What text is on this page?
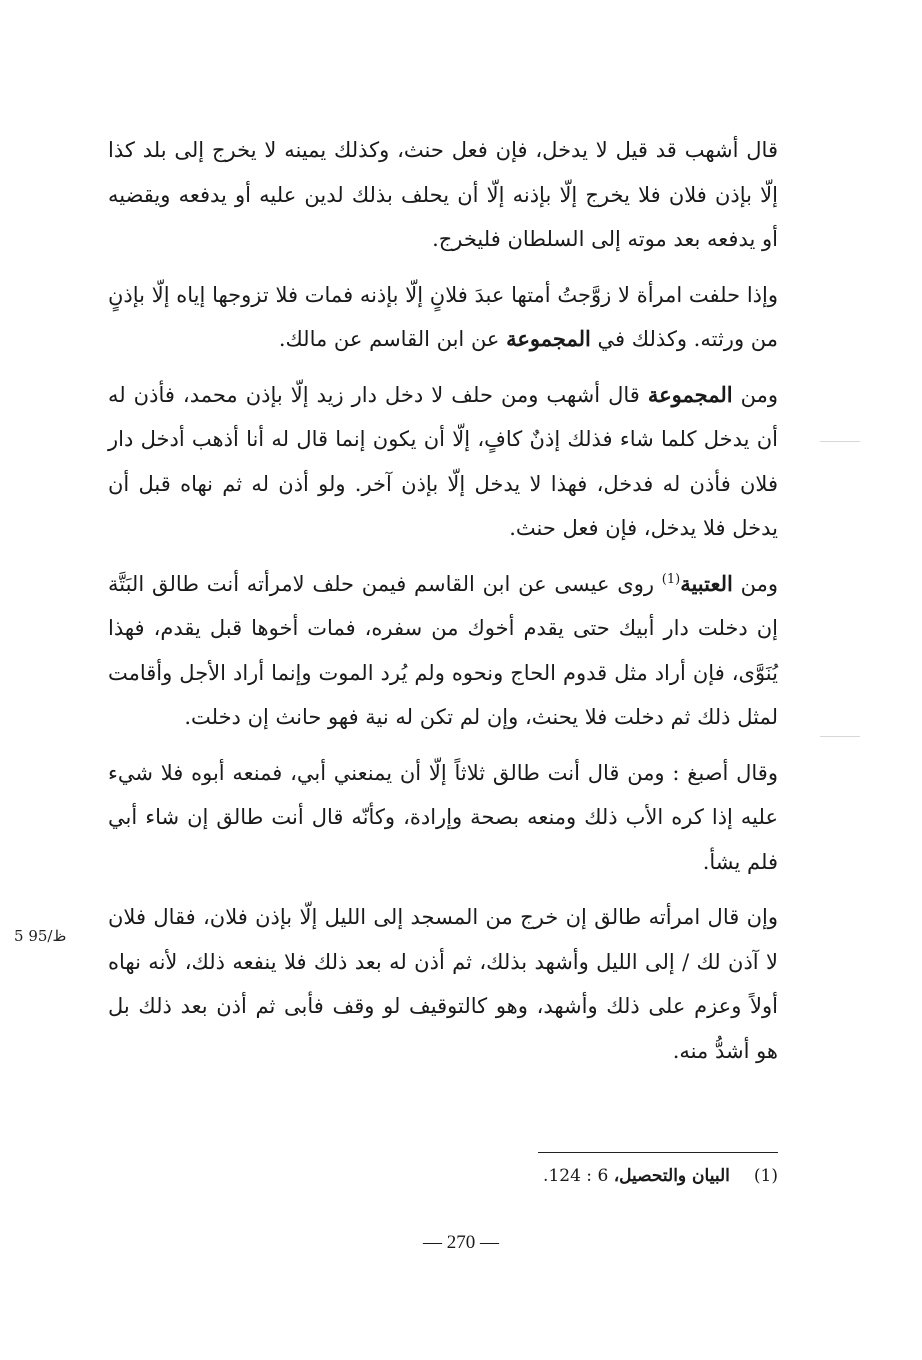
قال أشهب قد قيل لا يدخل، فإن فعل حنث، وكذلك يمينه لا يخرج إلى بلد كذا إلّا بإذن فلان فلا يخرج إلّا بإذنه إلّا أن يحلف بذلك لدين عليه أو يدفعه ويقضيه أو يدفعه بعد موته إلى السلطان فليخرج.

وإذا حلفت امرأة لا زوَّجتُ أمتها عبدَ فلانٍ إلّا بإذنه فمات فلا تزوجها إياه إلّا بإذنٍ من ورثته. وكذلك في المجموعة عن ابن القاسم عن مالك.

ومن المجموعة قال أشهب ومن حلف لا دخل دار زيد إلّا بإذن محمد، فأذن له أن يدخل كلما شاء فذلك إذنٌ كافٍ، إلّا أن يكون إنما قال له أنا أذهب أدخل دار فلان فأذن له فدخل، فهذا لا يدخل إلّا بإذن آخر. ولو أذن له ثم نهاه قبل أن يدخل فلا يدخل، فإن فعل حنث.

ومن العتبية$^{(1)}$ روى عيسى عن ابن القاسم فيمن حلف لامرأته أنت طالق البَتَّة إن دخلت دار أبيك حتى يقدم أخوك من سفره، فمات أخوها قبل يقدم، فهذا يُنَوَّى، فإن أراد مثل قدوم الحاج ونحوه ولم يُرد الموت وإنما أراد الأجل وأقامت لمثل ذلك ثم دخلت فلا يحنث، وإن لم تكن له نية فهو حانث إن دخلت.

وقال أصبغ : ومن قال أنت طالق ثلاثاً إلّا أن يمنعني أبي، فمنعه أبوه فلا شيء عليه إذا كره الأب ذلك ومنعه بصحة وإرادة، وكأنّه قال أنت طالق إن شاء أبي فلم يشأ.

وإن قال امرأته طالق إن خرج من المسجد إلى الليل إلّا بإذن فلان، فقال فلان لا آذن لك / إلى الليل وأشهد بذلك، ثم أذن له بعد ذلك فلا ينفعه ذلك، لأنه نهاه أولاً وعزم على ذلك وأشهد، وهو كالتوقيف لو وقف فأبى ثم أذن بعد ذلك بل هو أشدُّ منه.

ظ/95 5
(1)البيان والتحصيل، 6 : 124.
— 270 —
